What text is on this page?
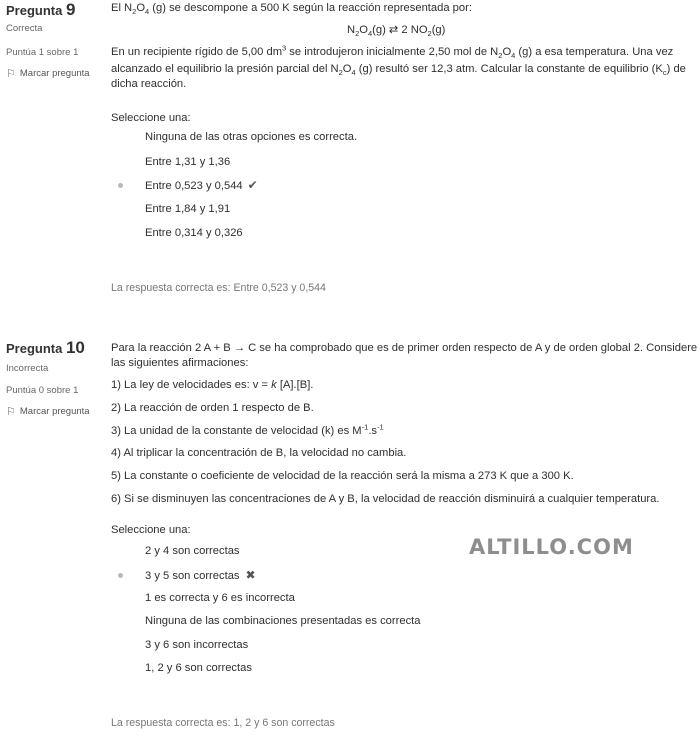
Pregunta 9
Correcta
Puntúa 1 sobre 1
⚐ Marcar pregunta
El $N_2O_4$ (g) se descompone a 500 K según la reacción representada por:
$N_2O_4(g)$ ⇄ 2 $NO_2(g)$
En un recipiente rígido de 5,00 $dm^3$ se introdujeron inicialmente 2,50 mol de $N_2O_4$ (g) a esa temperatura. Una vez
alcanzado el equilibrio la presión parcial del $N_2O_4$ (g) resultó ser 12,3 atm. Calcular la constante de equilibrio $(K_c)$ de
dicha reacción.
Seleccione una:
Ninguna de las otras opciones es correcta.
Entre 1,31 y 1,36
Entre 0,523 y 0,544 ✔
Entre 1,84 y 1,91
Entre 0,314 y 0,326
La respuesta correcta es: Entre 0,523 y 0,544
Pregunta 10
Incorrecta
Puntúa 0 sobre 1
⚐ Marcar pregunta
Para la reacción 2 A + B → C se ha comprobado que es de primer orden respecto de A y de orden global 2. Considere
las siguientes afirmaciones:
1) La ley de velocidades es: v = k [A].[B].
2) La reacción de orden 1 respecto de B.
3) La unidad de la constante de velocidad (k) es $M^{-1}.s^{-1}$
4) Al triplicar la concentración de B, la velocidad no cambia.
5) La constante o coeficiente de velocidad de la reacción será la misma a 273 K que a 300 K.
6) Si se disminuyen las concentraciones de A y B, la velocidad de reacción disminuirá a cualquier temperatura.
Seleccione una:
2 y 4 son correctas
3 y 5 son correctas ✖
1 es correcta y 6 es incorrecta
Ninguna de las combinaciones presentadas es correcta
3 y 6 son incorrectas
1, 2 y 6 son correctas
La respuesta correcta es: 1, 2 y 6 son correctas
ALTILLO.COM
